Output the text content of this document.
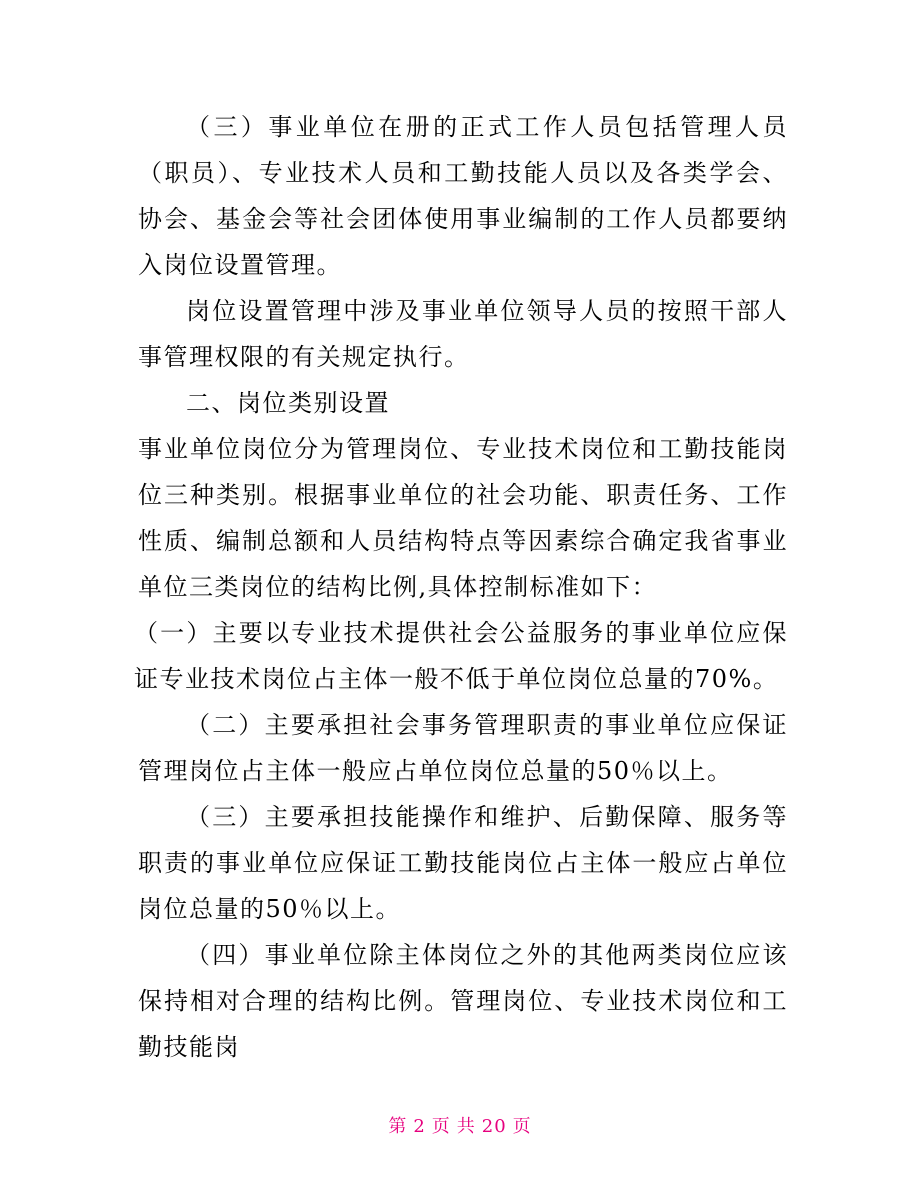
（三）事业单位在册的正式工作人员包括管理人员（职员）、专业技术人员和工勤技能人员以及各类学会、协会、基金会等社会团体使用事业编制的工作人员都要纳入岗位设置管理。

岗位设置管理中涉及事业单位领导人员的按照干部人事管理权限的有关规定执行。

二、岗位类别设置

事业单位岗位分为管理岗位、专业技术岗位和工勤技能岗位三种类别。根据事业单位的社会功能、职责任务、工作性质、编制总额和人员结构特点等因素综合确定我省事业单位三类岗位的结构比例,具体控制标准如下：

（一）主要以专业技术提供社会公益服务的事业单位应保证专业技术岗位占主体一般不低于单位岗位总量的70%。

（二）主要承担社会事务管理职责的事业单位应保证管理岗位占主体一般应占单位岗位总量的50％以上。

（三）主要承担技能操作和维护、后勤保障、服务等职责的事业单位应保证工勤技能岗位占主体一般应占单位岗位总量的50％以上。

（四）事业单位除主体岗位之外的其他两类岗位应该保持相对合理的结构比例。管理岗位、专业技术岗位和工勤技能岗

第 2 页 共 20 页
